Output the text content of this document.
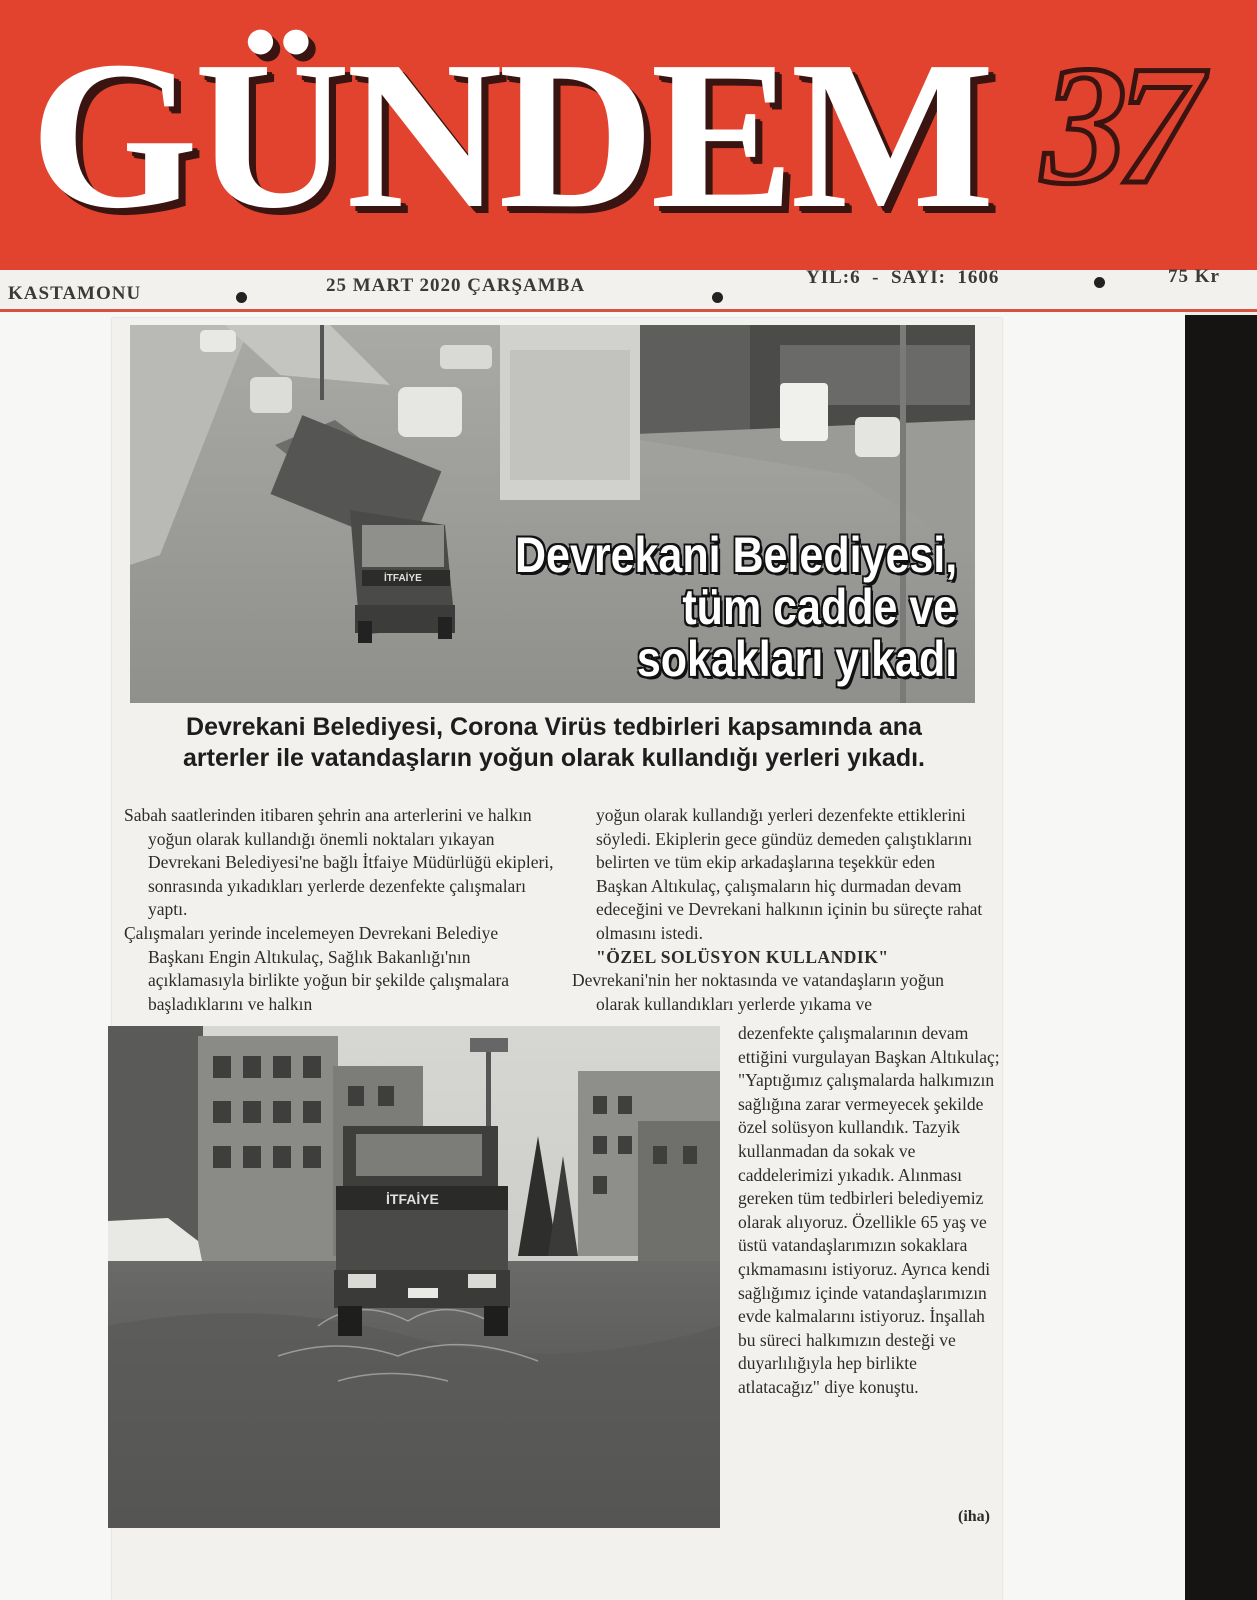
GÜNDEM 37
KASTAMONU	25 MART 2020 ÇARŞAMBA	YIL:6  -  SAYI:  1606	75 Kr
İTFAİYE Devrekani Belediyesi,
tüm cadde ve
sokakları yıkadı
Devrekani Belediyesi, Corona Virüs tedbirleri kapsamında ana
arterler ile vatandaşların yoğun olarak kullandığı yerleri yıkadı.

Sabah saatlerinden itibaren şehrin ana arterlerini ve halkın yoğun olarak kullandığı önemli noktaları yıkayan Devrekani Belediyesi'ne bağlı İtfaiye Müdürlüğü ekipleri, sonrasında yıkadıkları yerlerde dezenfekte çalışmaları yaptı.

Çalışmaları yerinde incelemeyen Devrekani Belediye Başkanı Engin Altıkulaç, Sağlık Bakanlığı'nın açıklamasıyla birlikte yoğun bir şekilde çalışmalara başladıklarını ve halkın

yoğun olarak kullandığı yerleri dezenfekte ettiklerini söyledi. Ekiplerin gece gündüz demeden çalıştıklarını belirten ve tüm ekip arkadaşlarına teşekkür eden Başkan Altıkulaç, çalışmaların hiç durmadan devam edeceğini ve Devrekani halkının içinin bu süreçte rahat olmasını istedi.

"ÖZEL SOLÜSYON KULLANDIK"

Devrekani'nin her noktasında ve vatandaşların yoğun olarak kullandıkları yerlerde yıkama ve

dezenfekte çalışmalarının devam ettiğini vurgulayan Başkan Altıkulaç; "Yaptığımız çalışmalarda halkımızın sağlığına zarar vermeyecek şekilde özel solüsyon kullandık. Tazyik kullanmadan da sokak ve caddelerimizi yıkadık. Alınması gereken tüm tedbirleri belediyemiz olarak alıyoruz. Özellikle 65 yaş ve üstü vatandaşlarımızın sokaklara çıkmamasını istiyoruz. Ayrıca kendi sağlığımız içinde vatandaşlarımızın evde kalmalarını istiyoruz. İnşallah bu süreci halkımızın desteği ve duyarlılığıyla hep birlikte atlatacağız" diye konuştu.

(iha)
İTFAİYE
